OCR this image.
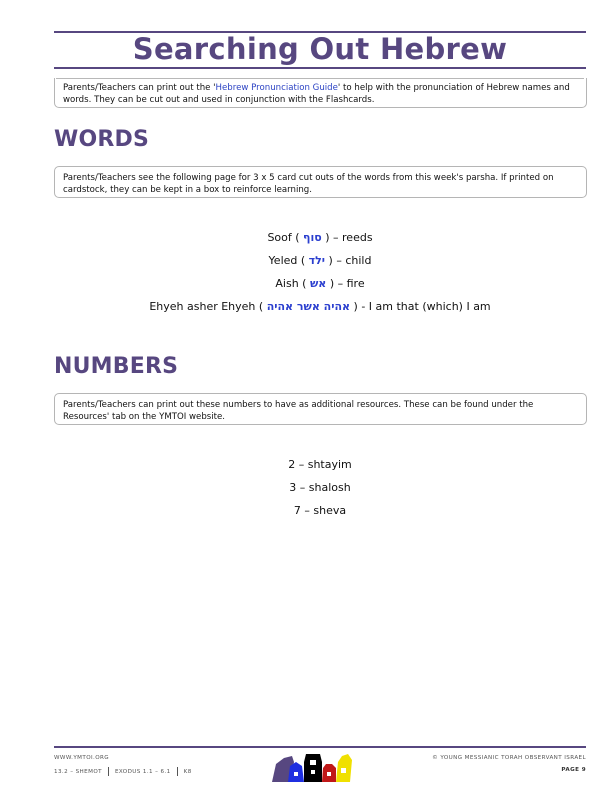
Searching Out Hebrew
Parents/Teachers can print out the 'Hebrew Pronunciation Guide' to help with the pronunciation of Hebrew names and words. They can be cut out and used in conjunction with the Flashcards.
WORDS
Parents/Teachers see the following page for 3 x 5 card cut outs of the words from this week's parsha. If printed on cardstock, they can be kept in a box to reinforce learning.
Soof ( סוף ) – reeds
Yeled ( ילד ) – child
Aish ( אש ) – fire
Ehyeh asher Ehyeh ( אהיה אשר אהיה ) - I am that (which) I am
NUMBERS
Parents/Teachers can print out these numbers to have as additional resources. These can be found under the Resources' tab on the YMTOI website.
2 – shtayim
3 – shalosh
7 – sheva
WWW.YMTOI.ORG
13.2 – SHEMOT EXODUS 1.1 – 6.1 K8
© YOUNG MESSIANIC TORAH OBSERVANT ISRAEL
PAGE 9
